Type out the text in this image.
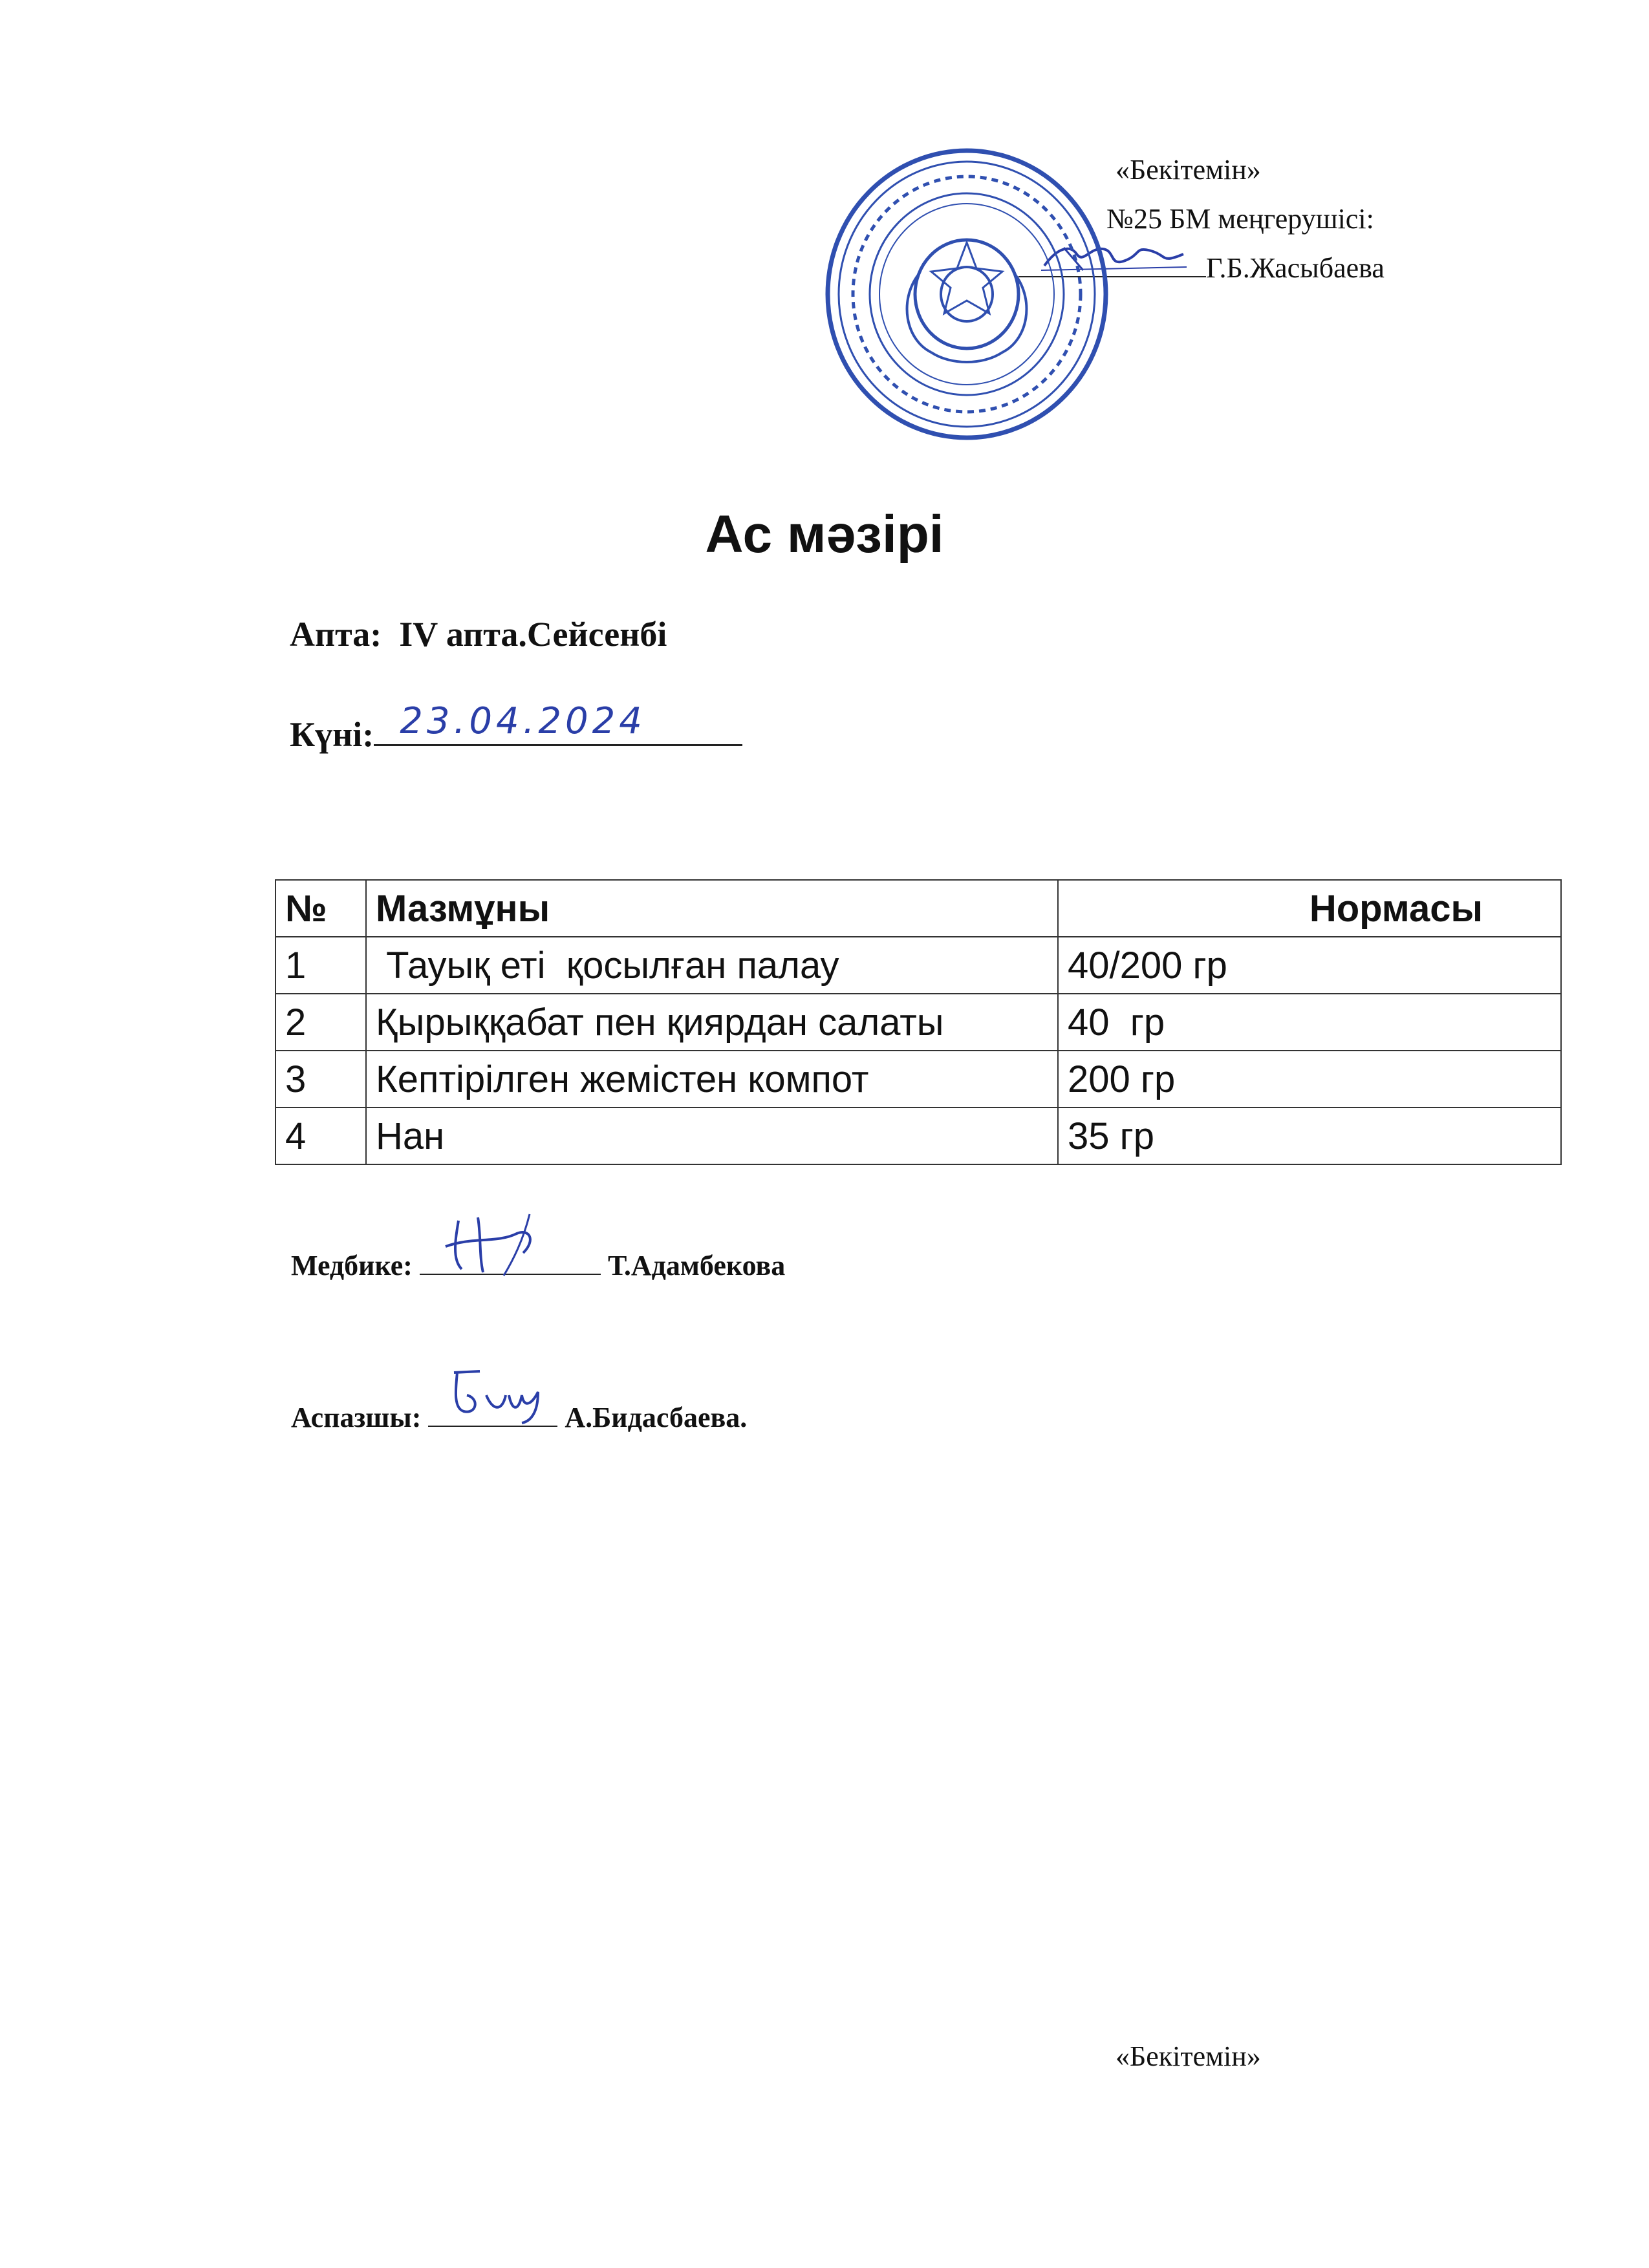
«Бекітемін»
№25 БМ меңгерушісі:
Г.Б.Жасыбаева
Ас мәзірі
Апта: IV апта.Сейсенбі
Күні: 23.04.2024
№	Мазмұны	Нормасы
1	Тауық еті  қосылған палау	40/200 гр
2	Қырыққабат пен қиярдан салаты	40  гр
3	Кептірілген жемістен компот	200 гр
4	Нан	35 гр
Медбике:	Т.Адамбекова
Аспазшы:	А.Бидасбаева.
«Бекітемін»
